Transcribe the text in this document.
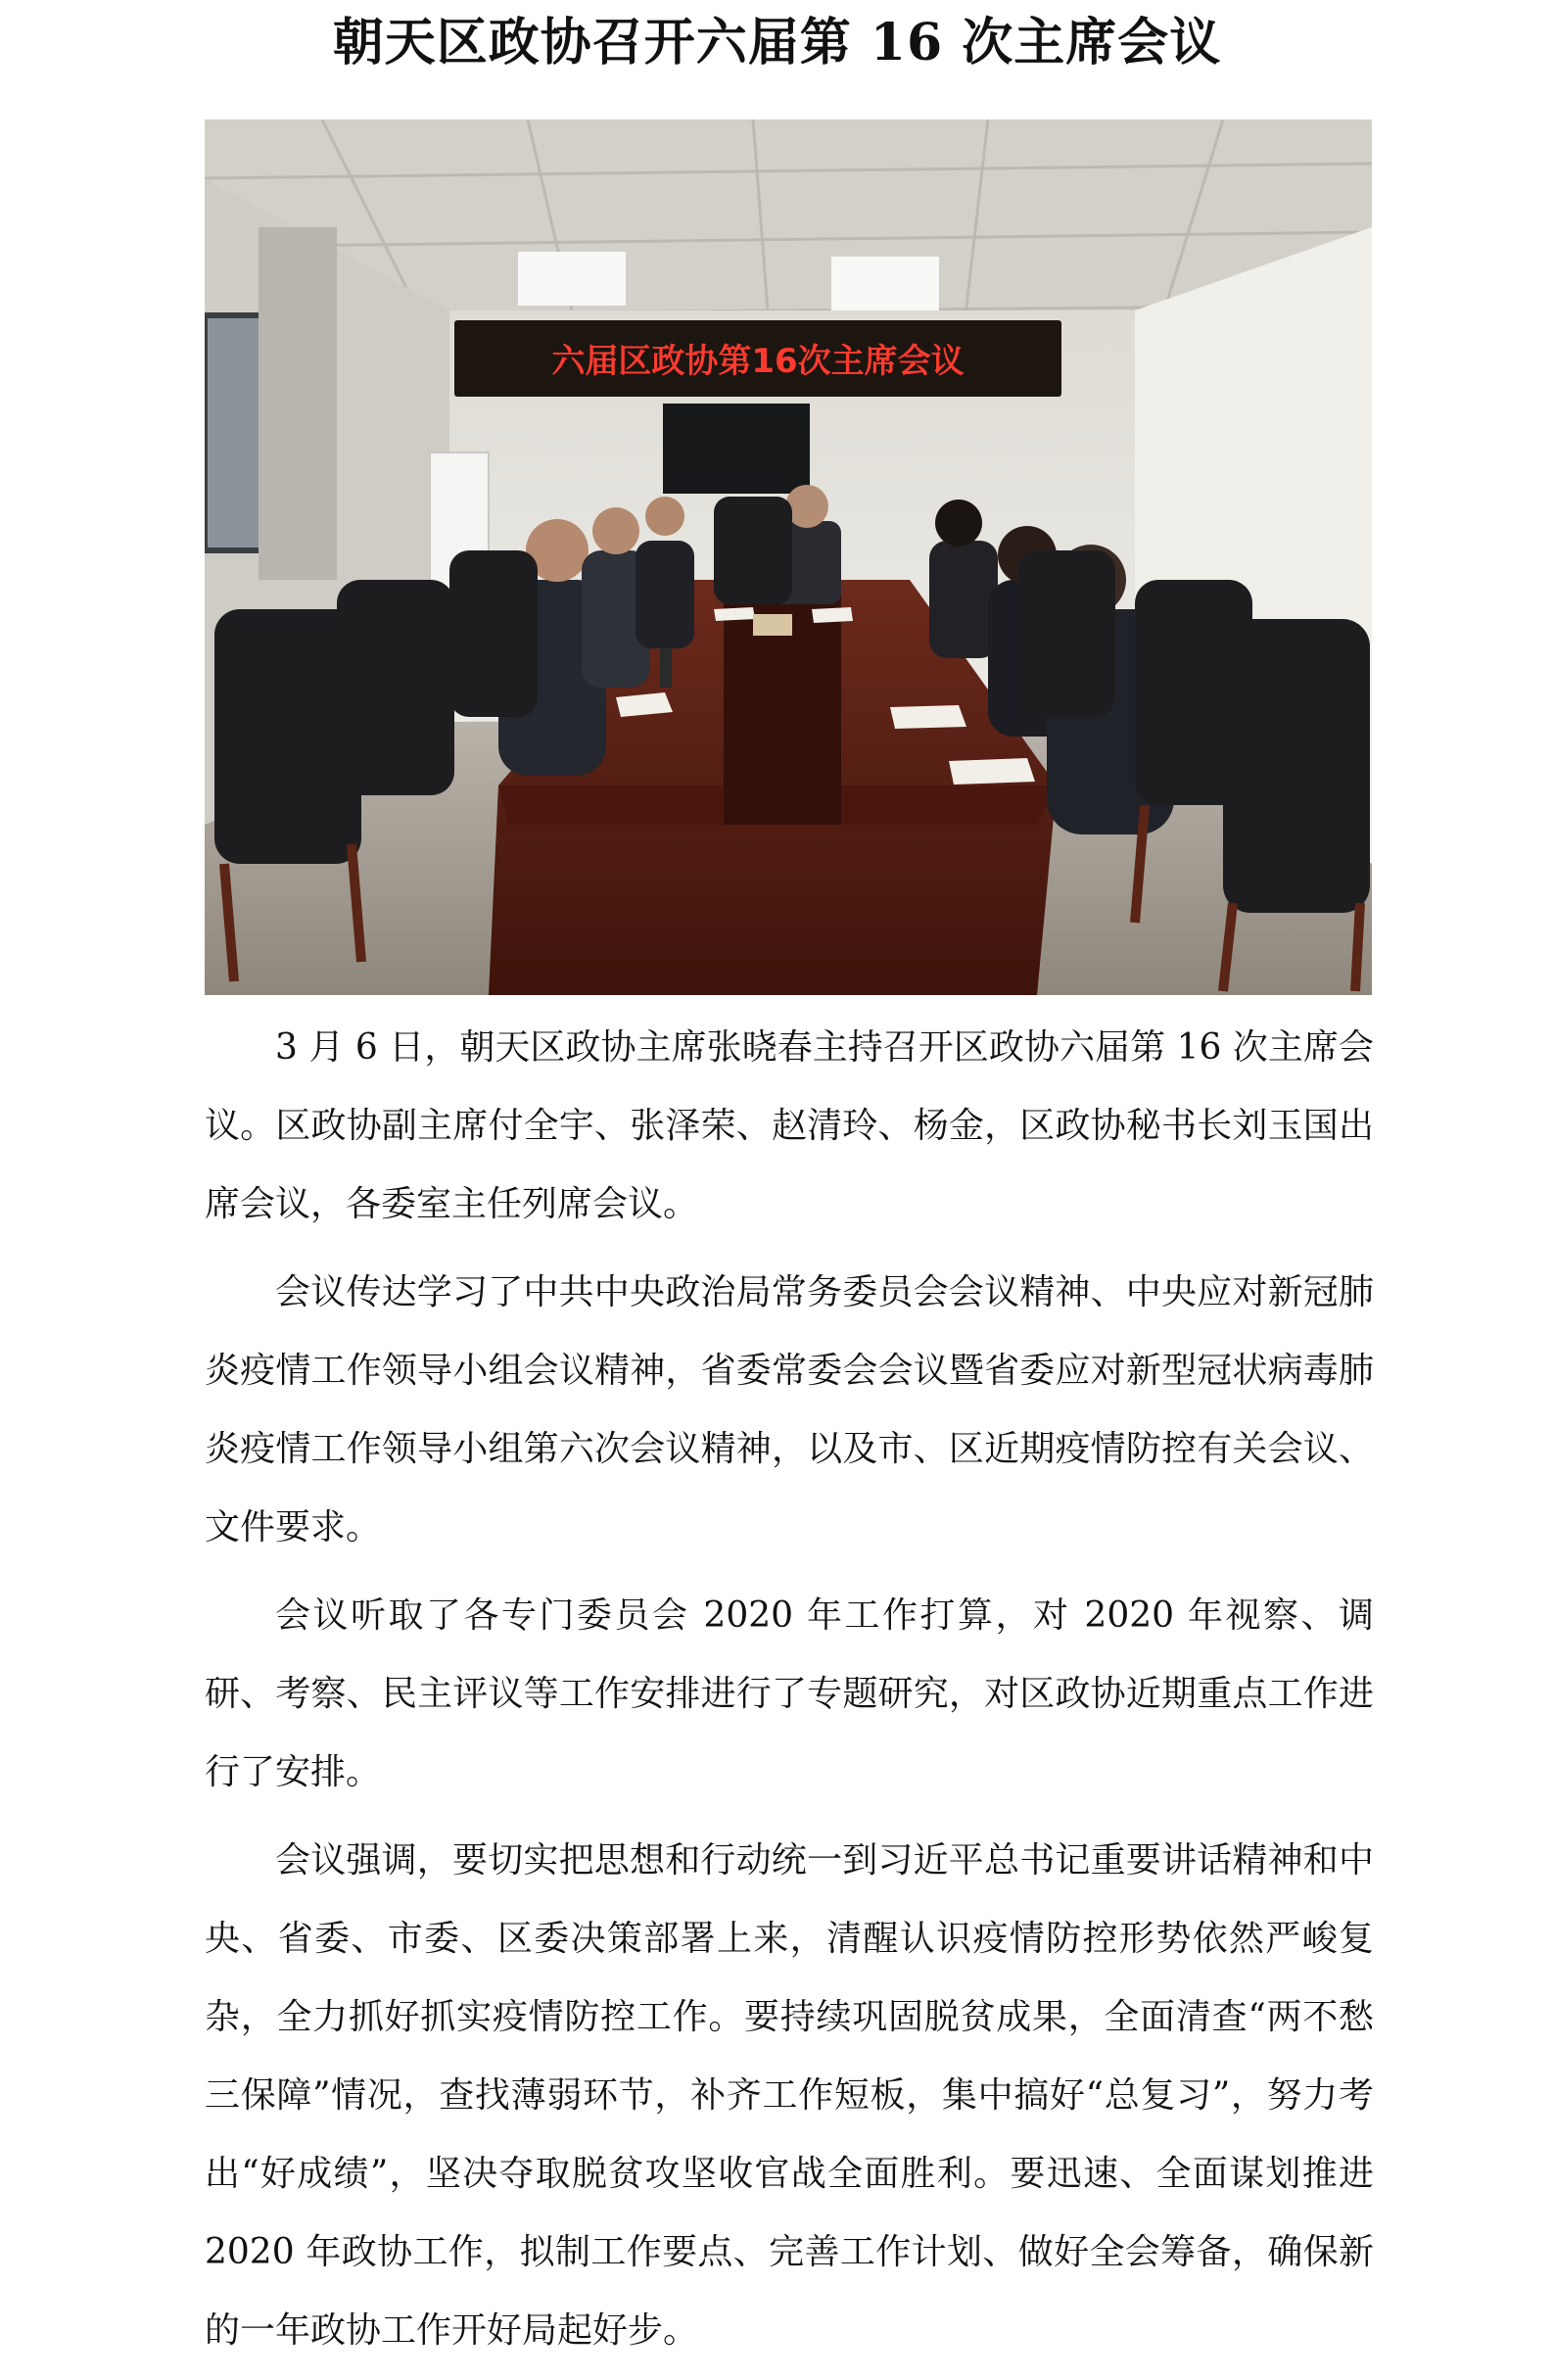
朝天区政协召开六届第 16 次主席会议
六届区政协第16次主席会议

3 月 6 日，朝天区政协主席张晓春主持召开区政协六届第 16 次主席会议。区政协副主席付全宇、张泽荣、赵清玲、杨金，区政协秘书长刘玉国出席会议，各委室主任列席会议。

会议传达学习了中共中央政治局常务委员会会议精神、中央应对新冠肺炎疫情工作领导小组会议精神，省委常委会会议暨省委应对新型冠状病毒肺炎疫情工作领导小组第六次会议精神，以及市、区近期疫情防控有关会议、文件要求。

会议听取了各专门委员会 2020 年工作打算，对 2020 年视察、调研、考察、民主评议等工作安排进行了专题研究，对区政协近期重点工作进行了安排。

会议强调，要切实把思想和行动统一到习近平总书记重要讲话精神和中央、省委、市委、区委决策部署上来，清醒认识疫情防控形势依然严峻复杂，全力抓好抓实疫情防控工作。要持续巩固脱贫成果，全面清查“两不愁三保障”情况，查找薄弱环节，补齐工作短板，集中搞好“总复习”，努力考出“好成绩”，坚决夺取脱贫攻坚收官战全面胜利。要迅速、全面谋划推进 2020 年政协工作，拟制工作要点、完善工作计划、做好全会筹备，确保新的一年政协工作开好局起好步。
